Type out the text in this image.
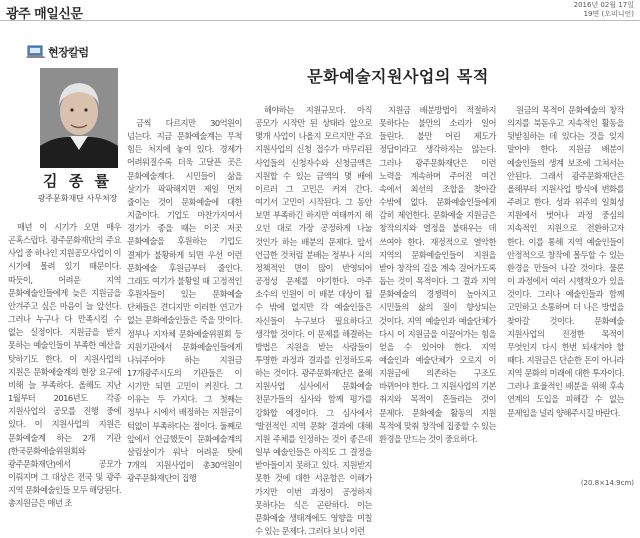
광주 매일신문
2016년 02월 17일
19면 (오피니언)
현장칼럼
김 종 률
광주문화재단 사무처장
문화예술지원사업의 목적

매년 이 시기가 오면 매우 곤혹스럽다. 광주문화재단의 주요 사업 중 하나인 지원공모사업이 이 시기에 몰려 있기 때문이다. 따듯이, 어려운 지역 문화예술인들에게 늦은 지원금을 안겨주고 싶은 마음이 늘 앞선다. 그러나 누구나 다 만족시킬 수 없는 실정이다. 지원금을 받지 못하는 예술인들이 부족한 예산을 탓하기도 한다. 이 지원사업의 지원은 문화예술계의 현장 요구에 비해 늘 부족하다. 올해도 지난 1월부터 2016년도 각종 지원사업의 공모를 진행 중에 있다. 이 지원사업의 지원은 문화예술계 하는 2개 기관 (한국문화예술위원회와 광주문화재단)에서 공모가 이뤄지며 그 대상은 전국 및 광주 지역 문화예술인들 모두 해당된다. 총지원금은 매년 조

금씩 다르지만 30억원이 넘는다. 지금 문화예술계는 무척 힘든 처지에 놓여 있다. 경제가 어려워질수록 더욱 고달픈 곳은 문화예술계다. 시민들이 삶을 살기가 팍팍해지면 제일 먼저 줄이는 것이 문화예술에 대한 지출이다. 기업도 마찬가지여서 경기가 좋을 때는 이곳 저곳 문화예술을 후원하는 기업도 결제가 불황하게 되면 우선 이런 문화예술 후원금부터 줄인다. 그래도 여기가 불황일 때 고정적인 후원자들이 있는 문화예술 단체들은 견디지만 이러한 연고가 없는 문화예술인들은 죽을 맛이다. 정부나 지자체 문화예술위원회 등 지원기관에서 문화예술인들에게 나눠주어야 하는 지원금 17개광주시도의 기관들은 이 시기만 되면 고민이 커진다. 그 이유는 두 가지다. 그 첫째는 정부나 시에서 배정하는 지원금이 턱없이 부족하다는 점이다. 둘째로 앞에서 언급했듯이 문화예술계의 살림살이가 워낙 어려운 탓에 7개의 지원사업이 총30억원이 광주문화재단이 집행

해야하는 지원규모다. 아직 공모가 시작만 된 상태라 앞으로 몇개 사업이 나올지 모르지만 주요 지원사업의 신청 접수가 마무리된 사업들의 신청자수와 신청금액은 지원할 수 있는 금액의 몇 배에 이르러 그 고민은 커져 간다. 여기서 고민이 시작된다. 그 동안 보면 부족하긴 하지만 여태까지 해 오던 대로 가장 공정하게 나눌 것인가 하는 배분의 문제다. 앞서 언급한 것처럼 분배는 정부나 시의 정책적인 면이 많이 반영되어 공정성 문제를 야기한다. 아주 소수의 인원이 이 배분 대상이 될 수 밖에 없지만 각 예술인들은 자신들이 누구보다 필요하다고 생각할 것이다. 이 문제를 해결하는 방법은 지원을 받는 사람들이 투명한 과정과 결과를 인정하도록 하는 것이다. 광주문화재단은 올해 지원사업 심사에서 문화예술 전문가들의 심사와 함께 평가를 강화할 예정이다. 그 심사에서 '발전적인 지역 문화' 결과에 대해 지원 주체를 인정하는 것이 좋은데 일부 예술인들은 아직도 그 결정을 받아들이지 못하고 있다. 지원받지 못한 것에 대한 서운함은 이해가 가지만 이번 과정이 공정하지 못하다는 식은 곤란하다. 이는 문화예술 생태계에도 영향을 미칠 수 있는 문제다. 그러다 보니 이런

지원금 배분방법이 적절하지 못하다는 불만의 소리가 일어 들린다. 불만 어린 제도가 정답이라고 생각하지는 않는다. 그러나 광주문화재단은 이런 노력을 계속하며 주어진 여건 속에서 최선의 조합을 찾아갈 수밖에 없다. 문화예술인들에게 감히 제언한다. 문화예술 지원금은 창작의지와 열정을 불태우는 데 쓰여야 한다. 재정적으로 열악한 지역의 문화예술인들이 지원을 받아 창작의 길을 계속 걸어가도록 돕는 것이 목적이다. 그 결과 지역 문화예술의 경쟁력이 높아지고 시민들의 삶의 질이 향상되는 것이다. 지역 예술인과 예술단체가 다시 이 지원금을 이끌어가는 힘을 얻을 수 있어야 한다. 지역 예술인과 예술단체가 오로지 이 지원금에 의존하는 구조도 바뀌어야 한다. 그 지원사업의 기본 취지와 목적이 흔들리는 것이 문제다. 문화예술 활동의 지원 목적에 맞춰 창작에 집중할 수 있는 환경을 만드는 것이 중요하다.

원금의 목적이 문화예술의 창작 의지를 북돋우고 지속적인 활동을 뒷받침하는 데 있다는 것을 잊지 말아야 한다. 지원금 배분이 예술인들의 생계 보조에 그쳐서는 안된다. 그래서 광주문화재단은 올해부터 지원사업 방식에 변화를 주려고 한다. 성과 위주의 일회성 지원에서 벗어나 과정 중심의 지속적인 지원으로 전환하고자 한다. 이를 통해 지역 예술인들이 안정적으로 창작에 몰두할 수 있는 환경을 만들어 나갈 것이다. 물론 이 과정에서 여러 시행착오가 있을 것이다. 그러나 예술인들과 함께 고민하고 소통하며 더 나은 방법을 찾아갈 것이다. 문화예술 지원사업의 진정한 목적이 무엇인지 다시 한번 되새겨야 할 때다. 지원금은 단순한 돈이 아니라 지역 문화의 미래에 대한 투자이다. 그러나 효율적인 배분을 위해 후속 연계의 도입을 피해갈 수 없는 문제임을 널리 양해주시길 바란다.

(20.8×14.9cm)
